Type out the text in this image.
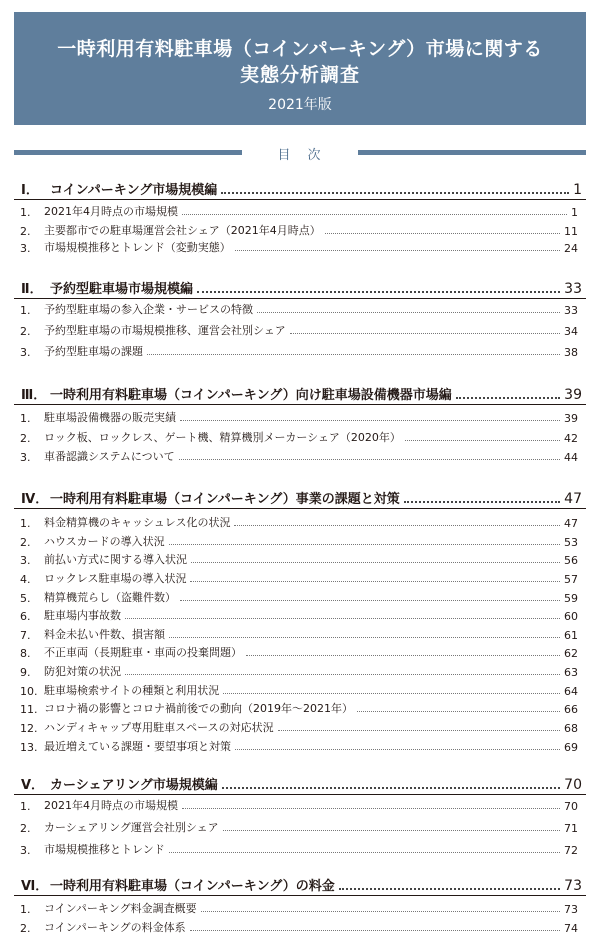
一時利用有料駐車場（コインパーキング）市場に関する
実態分析調査
2021年版
目　次
Ⅰ． コインパーキング市場規模編	1
1.	2021年4月時点の市場規模	1
2.	主要都市での駐車場運営会社シェア（2021年4月時点）	11
3.	市場規模推移とトレンド（変動実態）	24
Ⅱ． 予約型駐車場市場規模編	33
1.	予約型駐車場の参入企業・サービスの特徴	33
2.	予約型駐車場の市場規模推移、運営会社別シェア	34
3.	予約型駐車場の課題	38
Ⅲ． 一時利用有料駐車場（コインパーキング）向け駐車場設備機器市場編	39
1.	駐車場設備機器の販売実績	39
2.	ロック板、ロックレス、ゲート機、精算機別メーカーシェア（2020年）	42
3.	車番認識システムについて	44
Ⅳ． 一時利用有料駐車場（コインパーキング）事業の課題と対策	47
1.	料金精算機のキャッシュレス化の状況	47
2.	ハウスカードの導入状況	53
3.	前払い方式に関する導入状況	56
4.	ロックレス駐車場の導入状況	57
5.	精算機荒らし（盗難件数）	59
6.	駐車場内事故数	60
7.	料金未払い件数、損害額	61
8.	不正車両（長期駐車・車両の投棄問題）	62
9.	防犯対策の状況	63
10. 駐車場検索サイトの種類と利用状況	64
11. コロナ禍の影響とコロナ禍前後での動向（2019年～2021年）	66
12. ハンディキャップ専用駐車スペースの対応状況	68
13. 最近増えている課題・要望事項と対策	69
Ⅴ． カーシェアリング市場規模編	70
1.	2021年4月時点の市場規模	70
2.	カーシェアリング運営会社別シェア	71
3.	市場規模推移とトレンド	72
Ⅵ． 一時利用有料駐車場（コインパーキング）の料金	73
1.	コインパーキング料金調査概要	73
2.	コインパーキングの料金体系	74
